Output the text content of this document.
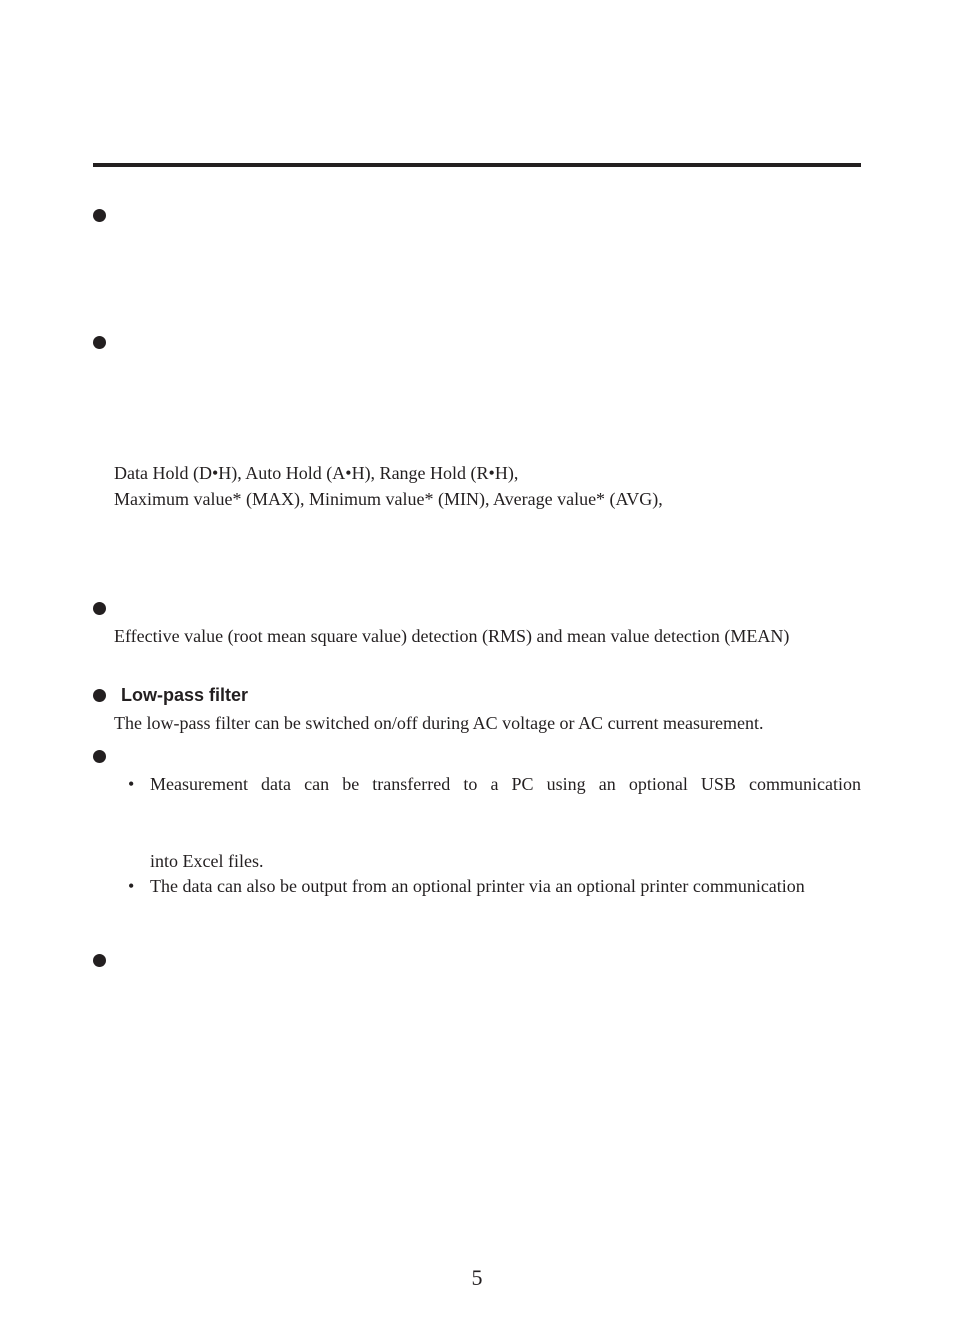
Data Hold (D•H), Auto Hold (A•H), Range Hold (R•H),
Maximum value* (MAX), Minimum value* (MIN), Average value* (AVG),
Effective value (root mean square value) detection (RMS) and mean value detection (MEAN)
Low-pass filter
The low-pass filter can be switched on/off during AC voltage or AC current measurement.
• Measurement data can be transferred to a PC using an optional USB communication
into Excel files.
• The data can also be output from an optional printer via an optional printer communication
5
